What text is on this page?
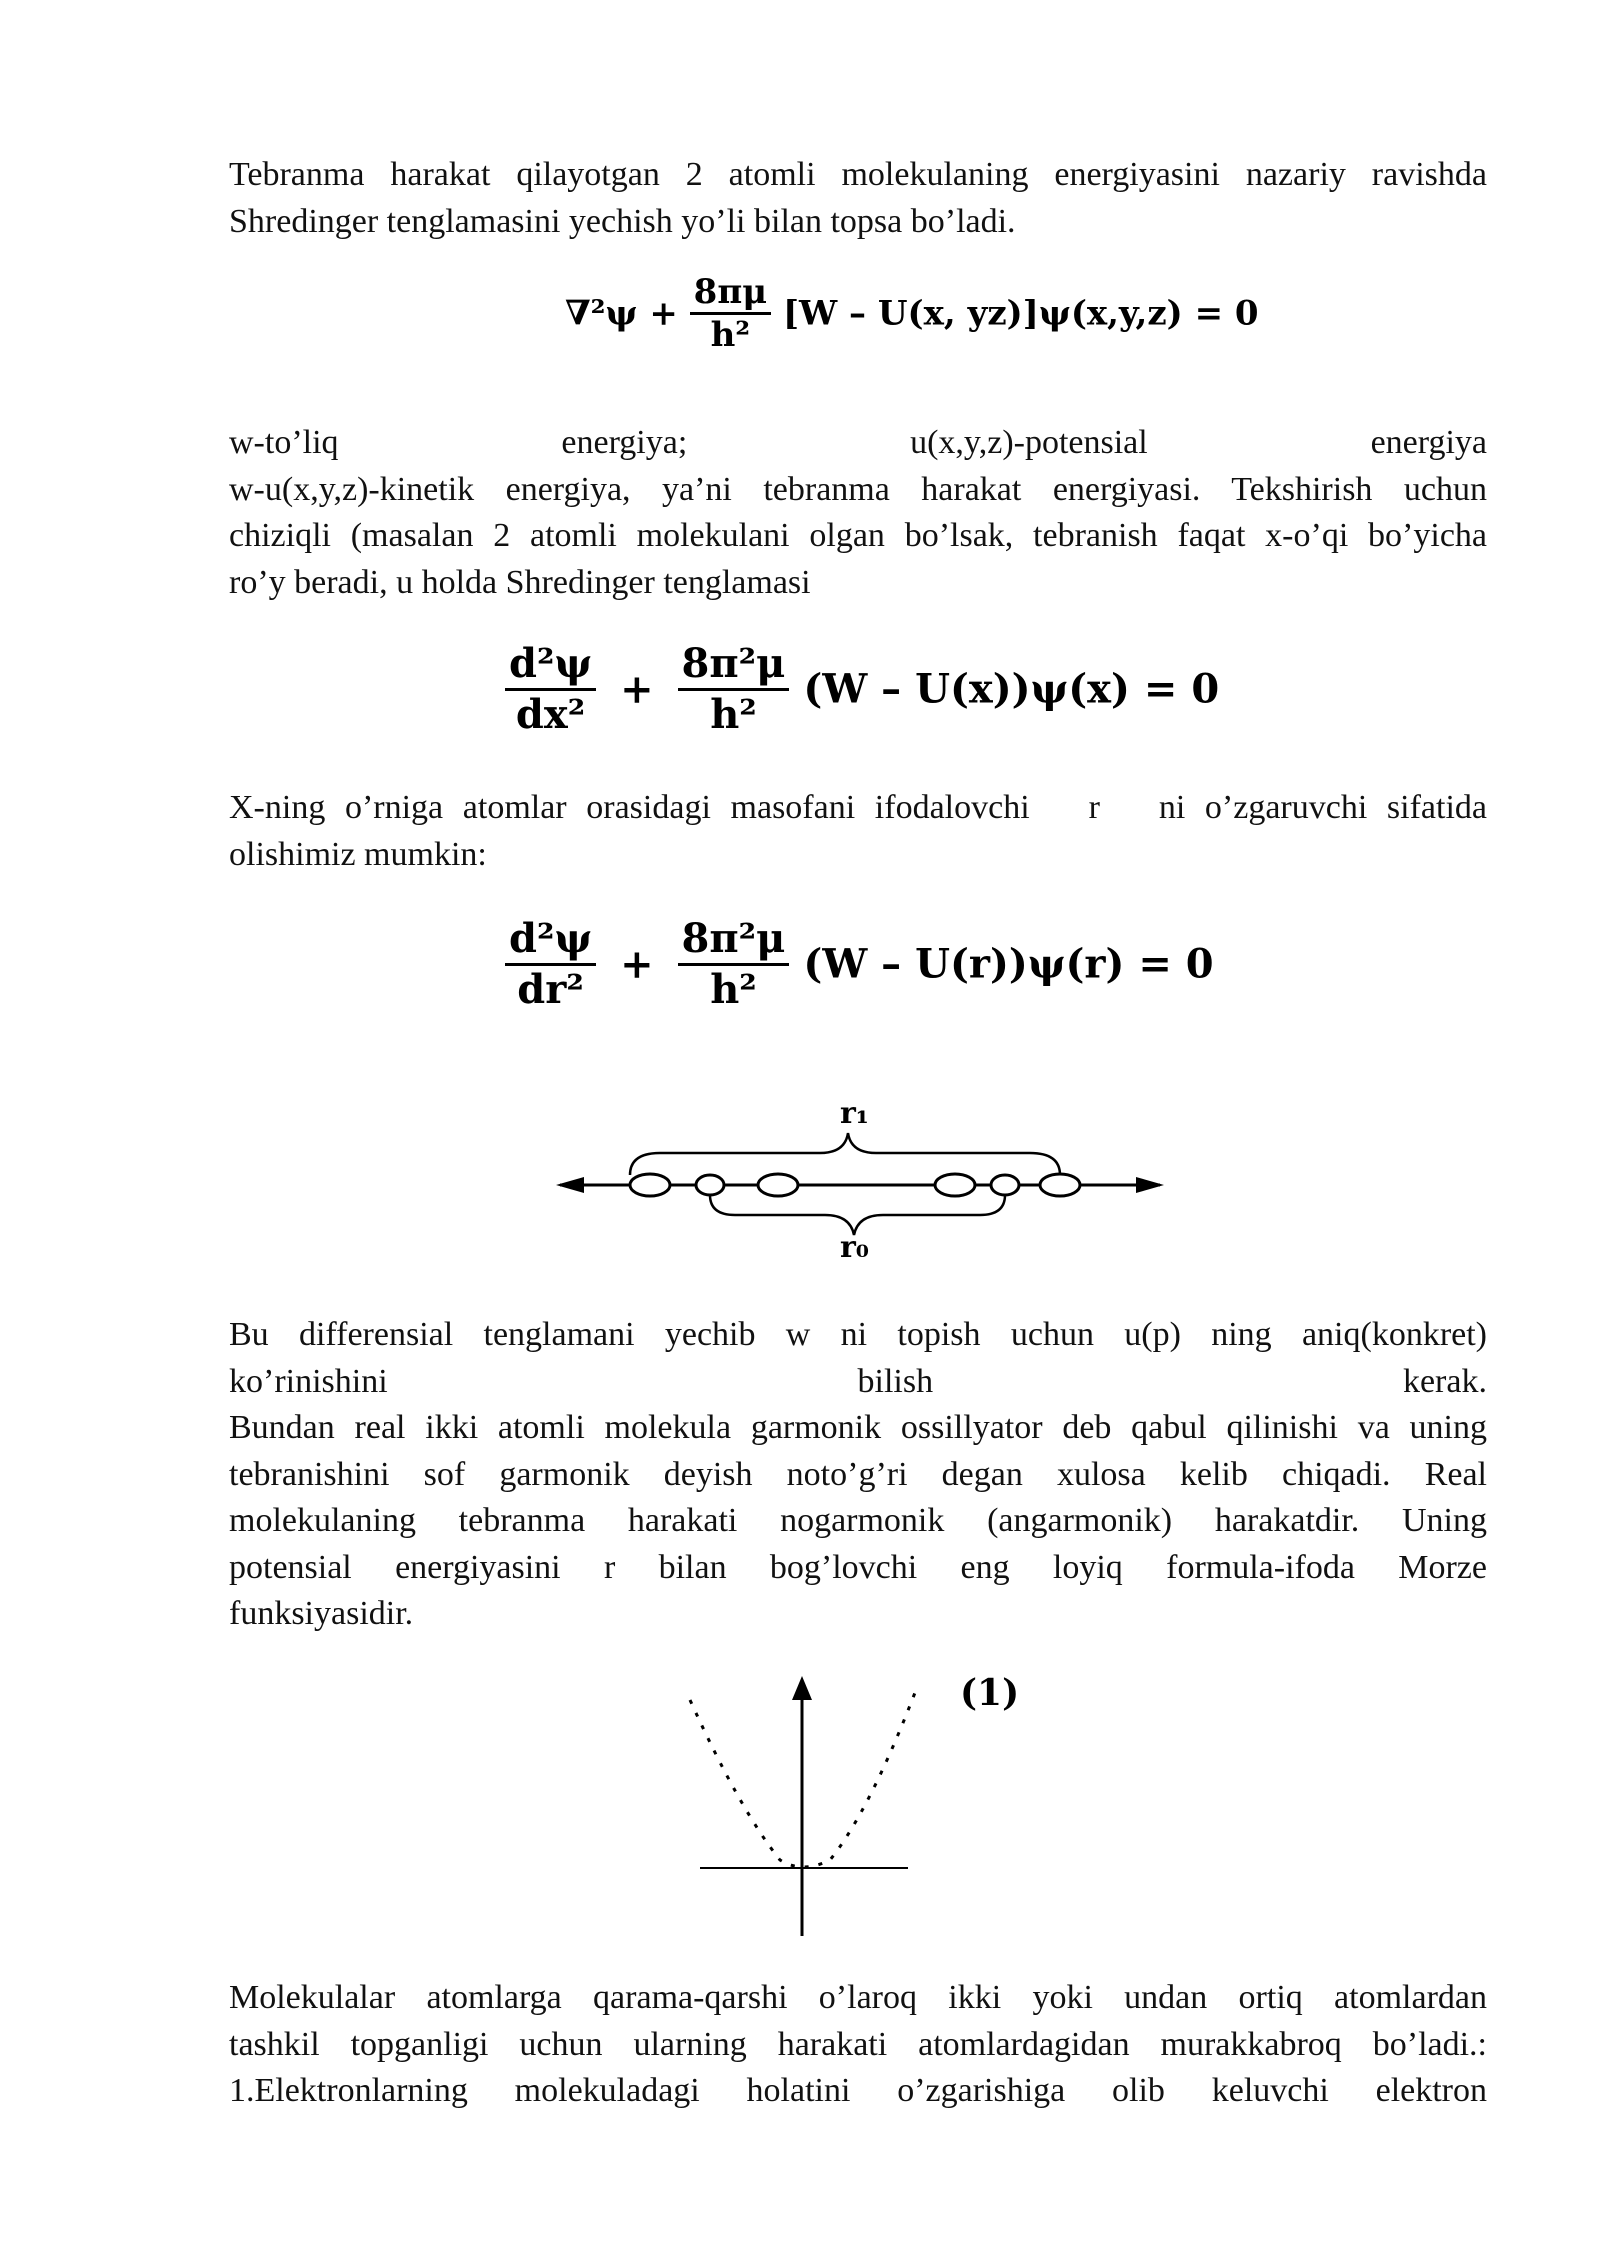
Tebranma harakat qilayotgan 2 atomli molekulaning energiyasini nazariy ravishda
Shredinger tenglamasini yechish yo’li bilan topsa bo’ladi.
$\nabla^2\psi + \frac{8\pi\mu}{\text{h²}} [W - U(x$, yz)]ψ(x,y,z) = 0
w-to’liq	energiya;	u(x,y,z)-potensial	energiya
w-u(x,y,z)-kinetik energiya, ya’ni tebranma harakat energiyasi. Tekshirish uchun
chiziqli (masalan 2 atomli molekulani olgan bo’lsak, tebranish faqat x-o’qi bo’yicha
ro’y beradi, u holda Shredinger tenglamasi
$\frac{\text{d²ψ}}{\text{dx²}} + \frac{\text{8π²μ}}{\text{h²}} (W - U(x))\psi(x) = 0$
X-ning o’rniga atomlar orasidagi masofani ifodalovchi   r   ni o’zgaruvchi sifatida
olishimiz mumkin:
$\frac{\text{d²ψ}}{\text{dr²}} + \frac{\text{8π²μ}}{\text{h²}} (W - U(r))\psi(r) = 0$
r₁
r₀
Bu differensial tenglamani yechib w ni topish uchun u(p) ning aniq(konkret)
ko’rinishini	bilish	kerak.
Bundan real ikki atomli molekula garmonik ossillyator deb qabul qilinishi va uning
tebranishini sof garmonik deyish noto’g’ri degan xulosa kelib chiqadi. Real
molekulaning tebranma harakati nogarmonik (angarmonik) harakatdir. Uning
potensial energiyasini r bilan bog’lovchi eng loyiq formula-ifoda Morze
funksiyasidir.
(1)
Molekulalar atomlarga qarama-qarshi o’laroq ikki yoki undan ortiq atomlardan
tashkil topganligi uchun ularning harakati atomlardagidan murakkabroq bo’ladi.:
1.Elektronlarning molekuladagi holatini o’zgarishiga olib keluvchi elektron
